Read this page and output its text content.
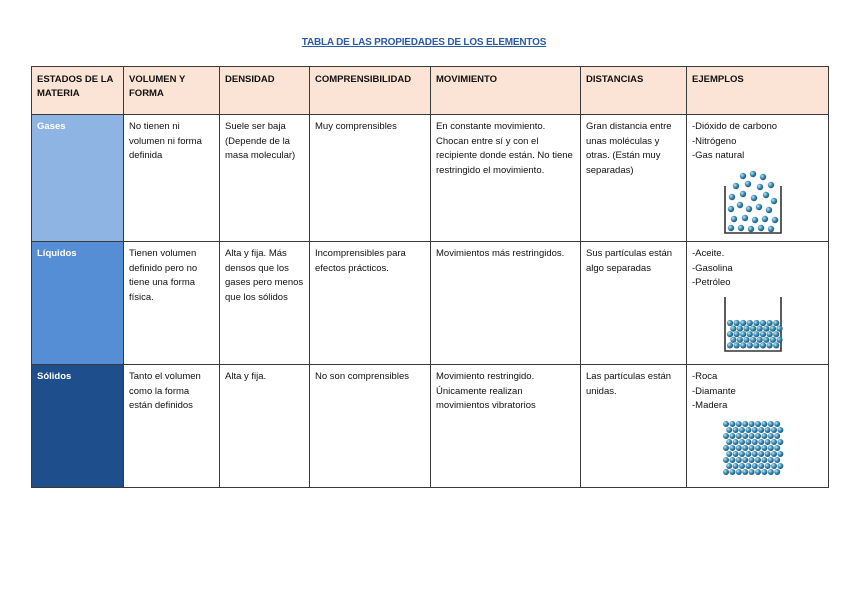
TABLA DE LAS PROPIEDADES DE LOS ELEMENTOS
ESTADOS DE LA MATERIA	VOLUMEN Y FORMA	DENSIDAD	COMPRENSIBILIDAD	MOVIMIENTO	DISTANCIAS	EJEMPLOS
Gases	No tienen ni volumen ni forma definida	Suele ser baja (Depende de la masa molecular)	Muy comprensibles	En constante movimiento. Chocan entre sí y con el recipiente donde están. No tiene restringido el movimiento.	Gran distancia entre unas moléculas y otras. (Están muy separadas)	-Dióxido de carbono
-Nitrógeno
-Gas natural

Líquidos	Tienen volumen definido pero no tiene una forma física.	Alta y fija. Más densos que los gases pero menos que los sólidos	Incomprensibles para efectos prácticos.	Movimientos más restringidos.	Sus partículas están algo separadas	-Aceite.
-Gasolina
-Petróleo

Sólidos	Tanto el volumen como la forma están definidos	Alta y fija.	No son comprensibles	Movimiento restringido. Únicamente realizan movimientos vibratorios	Las partículas están unidas.	-Roca
-Diamante
-Madera
